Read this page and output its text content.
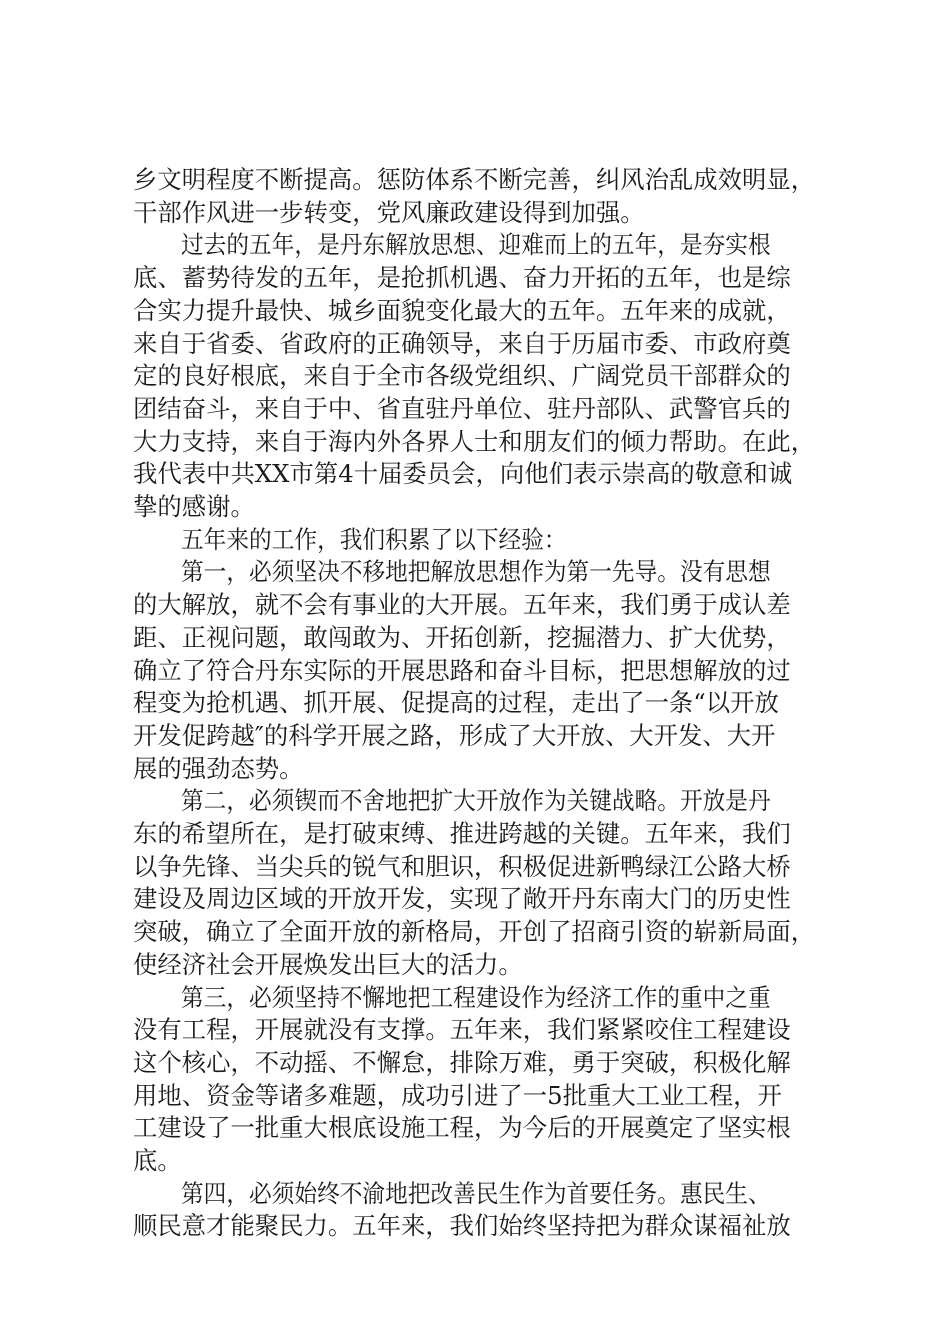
乡文明程度不断提高。惩防体系不断完善，纠风治乱成效明显，

干部作风进一步转变，党风廉政建设得到加强。

过去的五年，是丹东解放思想、迎难而上的五年，是夯实根

底、蓄势待发的五年，是抢抓机遇、奋力开拓的五年，也是综

合实力提升最快、城乡面貌变化最大的五年。五年来的成就，

来自于省委、省政府的正确领导，来自于历届市委、市政府奠

定的良好根底，来自于全市各级党组织、广阔党员干部群众的

团结奋斗，来自于中、省直驻丹单位、驻丹部队、武警官兵的

大力支持，来自于海内外各界人士和朋友们的倾力帮助。在此，

我代表中共XX市第4十届委员会，向他们表示崇高的敬意和诚

挚的感谢。

五年来的工作，我们积累了以下经验：

第一，必须坚决不移地把解放思想作为第一先导。没有思想

的大解放，就不会有事业的大开展。五年来，我们勇于成认差

距、正视问题，敢闯敢为、开拓创新，挖掘潜力、扩大优势，

确立了符合丹东实际的开展思路和奋斗目标，把思想解放的过

程变为抢机遇、抓开展、促提高的过程，走出了一条“以开放

开发促跨越″的科学开展之路，形成了大开放、大开发、大开

展的强劲态势。

第二，必须锲而不舍地把扩大开放作为关键战略。开放是丹

东的希望所在，是打破束缚、推进跨越的关键。五年来，我们

以争先锋、当尖兵的锐气和胆识，积极促进新鸭绿江公路大桥

建设及周边区域的开放开发，实现了敞开丹东南大门的历史性

突破，确立了全面开放的新格局，开创了招商引资的崭新局面，

使经济社会开展焕发出巨大的活力。

第三，必须坚持不懈地把工程建设作为经济工作的重中之重

没有工程，开展就没有支撑。五年来，我们紧紧咬住工程建设

这个核心，不动摇、不懈怠，排除万难，勇于突破，积极化解

用地、资金等诸多难题，成功引进了一5批重大工业工程，开

工建设了一批重大根底设施工程，为今后的开展奠定了坚实根

底。

第四，必须始终不渝地把改善民生作为首要任务。惠民生、

顺民意才能聚民力。五年来，我们始终坚持把为群众谋福祉放
